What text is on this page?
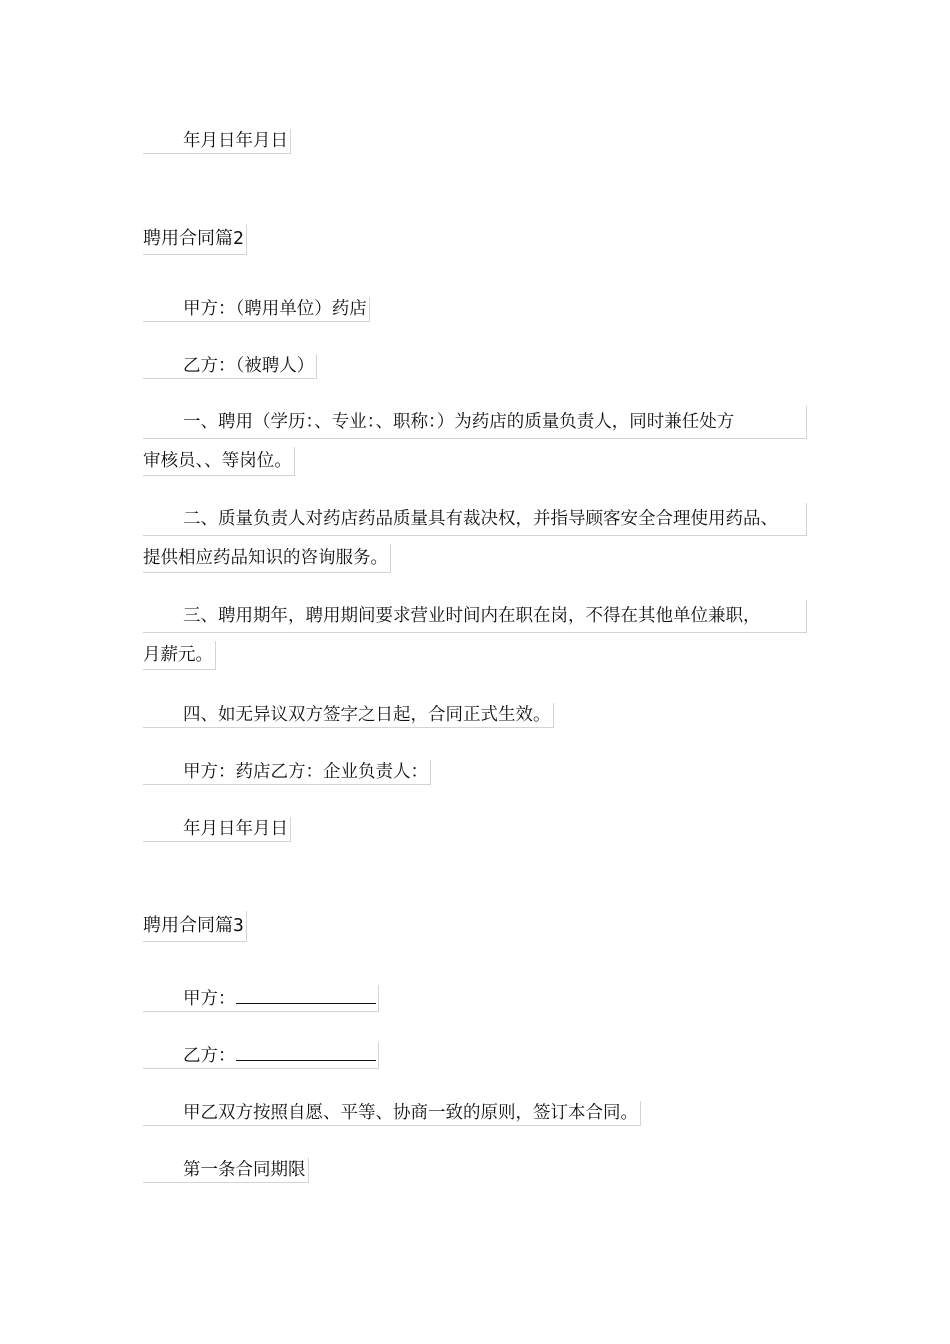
年月日年月日
聘用合同篇2
甲方：（聘用单位）药店
乙方：（被聘人）
一、聘用（学历：、专业：、职称：）为药店的质量负责人，同时兼任处方
审核员、、等岗位。
二、质量负责人对药店药品质量具有裁决权，并指导顾客安全合理使用药品、
提供相应药品知识的咨询服务。
三、聘用期年，聘用期间要求营业时间内在职在岗，不得在其他单位兼职，
月薪元。
四、如无异议双方签字之日起，合同正式生效。
甲方：药店乙方：企业负责人：
年月日年月日
聘用合同篇3
甲方：
乙方：
甲乙双方按照自愿、平等、协商一致的原则，签订本合同。
第一条合同期限
